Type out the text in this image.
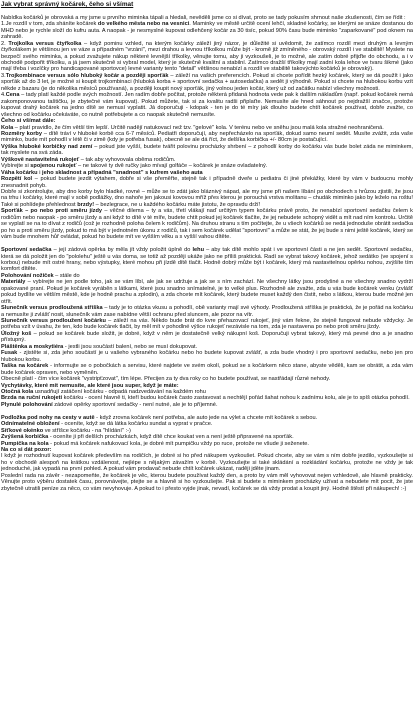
Jak vybrat správný kočárek, čeho si všímat
Nabídka kočárků je obrovská a my jsme u prvního miminka tápali a hledali, nevěděli jsme co si dívat, proto se tady pokusím shrnout naše zkušenosti, čím se řídit :
1.Je rozdíl v tom, zda sháníte kočárek do velkého města nebo na vesnici. Maminky ve městě určitě ocení lehčí, skladné kočárky, se kterými se snáze dostanou do MHD nebo je rychle složí do kufru auta. A naopak - je nesmyslné kupovat odlehčený kočár za 30 tisíc, pokud 90% času bude miminko "zaparkované" pod oknem na zahradě.
2. Trojkolka versus čtyřkolka – když pominu vzhled, na kterým kočárky záleží jiný názor, je důležité si uvědomit, že zatímco rozdíl mezi druhým a levným čtyřkolákem je většinou jen ve váze a případném "vrzání", mezi drahou a levnou tříkolkou může být - kromě již zmíněného - obrovský rozdíl i ve stabilitě! Myslete na bezpečí svého miminka, a pokud zvažujete nákup některé levnější tříkolky, věnujte tomu, aby ji vyzkoušeli, je to možné, ale zatím dobré přijďte do obchodu, a i v obchodě podpořit tříkolku, a já jsem skutečně si vybral model, který je skutečně kvalitní a stabilní. Zatímco dražší tříkolky mají zadní kola lehce ve tvaru šikmé (jako mají třeba i vozíčky pro handicapované sportovce) levné varianty tento "detail" většinou nenabízí a rozdíl ve stabilitě takovýchto kočárků je obrovský).
3.Trojkombinace versus sólo hluboký kočár a později sporťák – záleží na vašich preferencích. Pokud si chcete pořídit hezký kočárek, který se dá použít i jako sporťák až do 3 let, je možné si koupit trojkombinaci (hluboká korba + sportovní sedačka + autosedačka) a sedět ji výhodně. Pokud si chcete na hlubokou korbu vzít někde z bazaru (je do několika měsíců používaná), a později koupit nový sporťák, jiný volnou jeden kočár, který už od začátku nabízí všechny možnosti.
4.Cena – tady platí každé podle svých možností. Jen radím dobře počítat, protože některá přidaná hodnota vede pak k dalším nákladům (např. pokud kočárek nemá zakomponovanou taštičku, je zbytečné vám kupovat). Pokud můžete, tak si za kvalitu radši připlaťte. Nemusíte ale hned sáhnout po nejdražší značce, protože kupovat drahý kočárek na jedno dítě se nemusí vyplatit. Já doporučuji - kdopak - ten je do té míry jak dlouho budete chtít kočárek používat, dobře zvažte, co všechno od kočárku očekáváte, co nutně potřebujete a co naopak skutečně nemusíte.
Čeho si všímat dále:
Kola – platí pravidlo, že čím větší tím lepší. Určitě nadějí natukovací než tzv. "gelové" kola. V terénu nebo ve sněhu jsou malá kola stražné neohraničená.
Rozměry korby – dítě tráví v hluboké korbě cca 6-7 měsíců. Pediatři doporučují, aby nepřecházelo na sporťák, dokud samo neumí sedět. Musíte zvážit, zda vaše miminko, bude mít pohodlí v létě či v zimě (kdy je potřeba fusak), obecně se ale dá říct, že delšíka korbička +/- 80cm je postačující.
Výška hluboké korbičky nad zemí – pokud jste vyšší, budete tvářit polovinu procházky shrbení – z pohodlí korby do kočárku vás bude bolet záda ne miminkem, tak myslete na svá záda.
Výškově nastavitelná rukojeť – tak aby vyhovovala oběma rodičům.
Vybírejte si spojenou rukojeť – ne takové ty dvě ručky jako mívají golfáče – kočárek je snáze ovladatelný.
Váha kočárku i jeho skladnost a případná "snadnost" s kufrem vašeho auta
Rozpětí kol – pokud budete jezdit výtahem, dobře si vše přeměřte, stejně tak i případně dveře u pediatra či jiné překážky, které by vám v budoucnu mohly znesnadnit pohyb.
Dobře si zkontrolujte, aby dno korby bylo hladké, rovné – může se to zdát jako bláznivý nápad, ale my jsme při našem líbání po obchodech s hrůzou zjistili, že jsou na trhu i kočárky, které mají v sobě podlážky, dno nahoře jen jakousi kovovou mříž přes kterou je porouchá vrstva molitanu – chudák miminko jako by leželo na roštu!
Také si pohlídejte přehlednost brzdy! – bezlegrace, ne u každého kočárku máte jistotu, že opravdu drží!
Sporťák – po nebo proti směru jízdy – věčné dilema – ty a vás, třetí vlákají naď určitým typem kočárku právě proto, že nenabízí sportovní sedačku čelem k rodičům nebo naopak - po směru jízdy a ani když to dítě v té míře, budete chtít pokud jej kočárek tlačíte, že jej nebudete schopný vidět a mít nad ním kontrolu. Určitě se vyplatí se na to dívat z rodičů (což je rozhodně poloha čelem k rodičům). Na druhou stranu s tím počítejte, že u všech kočárků se nedá jednoduše obrátit sedačka po ho a proti směru jízdy, pokud to má být v jednotném úkonu z rodičů, tak i sem kočárek udělat "sportovní" a může se stát, že jej bude s nimi ještě kočárek, který se vám bude mnohem hůř ovládat, pokud ho budete mít ve vyšším věku a s vyšší vahou dítěte.
Sportovní sedačka – její zádová opěrka by měla jít vždy položit úplně do lehu – aby tak dítě mohlo spát i ve sportovní části a ne jen sedět. Sportovní sedačku, která se dá položit jen do "pololehu" ještě u vás doma, se totiž až později ukáže jako ne příliš praktická. Radí se vybrat takový kočárek, jehož sedátko (ve spojení s korbou) nebude mít ostré hrany, nebo výstupky, které mohou při jízdě dítě tlačit. Hodně dobrý může být i kočárek, který má nastavitelnou opěrku nohou, zvýšíte tím komfort dítěte.
Polohování nožiček – stále do
Materiály – vybírejte ne jen podle toho, jak se vám líbí, ale jak se udržuje a jak se s ním zachází. Ne všechny látky jsou prodyšné a ne všechny snadno vydrží opakované praní. Pokud je kočárek vyráběn s látkami, které jsou snadno snímatelné, je to velké plus. Rozhodně ale zvažte, zda u vás bude kočárek venku (zvlášť pokud bydlíte ve větším městě, kde je hodně prachu a zplodin), a zda chcete mít kočárek, který budete muset každý den čistit, nebo s látkou, kterou bude možné jen otřít.
Slunečník versus prodloužená stříška – tady je to otázka vkusu a pohodlí, obě varianty mají své výhody. Prodloužená stříška je praktická, že je pořád na kočárku a nemusíte ji zvlášť nosit, slunečník vám zase nabídne větší ochranu před sluncem, ale pozor na vítr.
Slunečník versus prodloužení kočárku – záleží na vás. Někdo bude brát do kvre přehazovací rukojeť, jiný vám řekne, že stejně fungovat nebude vždycky. Je potřeba vzít v úvahu, že ten, kdo bude kočárek tlačit, by měl mít v pohodlné výšce rukojeť nezávisle na tom, zda je nastavena po nebo proti směru jízdy.
Úložný koš – pokud se kočárek bude složit, je dobré, když v něm je dostatečně velký nákupní koš. Doporučuji vybrat takový, který má pevné dno a je snadno přístupný.
Pláštěnka a moskytiéra - jestli jsou součástí balení, nebo se musí dokupovat.
Fusak - zjistěte si, zda jeho součástí je u vašeho vybraného kočárku nebo ho budete kupovat zvlášť, a zda bude vhodný i pro sportovní sedačku, nebo jen pro hlubokou korbu.
Taška na kočárek - informujte se o pobočkách a servisu, které najdete ve svém okolí, pokud se s kočárkem něco stane, abyste věděli, kam se obrátit, a zda vám bude kočárek opraven, nebo vyměněn.
Obecně platí - čím více kočárek "vystripťzovat", tím lépe. Přecijen za ty dva roky co ho budete používat, se nastřádají různé nehody.
Vychytávky, které mít nemusíte, ale které jsou super, když je máte:
Otočná kola usnadňují zatáčení kočárku - odpadá nadzvedávání na každém rohu
Brzda na ruční rukojeti kočárku - ocení hlavně ti, kteří budou kočárek často zastavovat a nechtějí pořád šahat nohou k zadnímu kolu, ale je to spíš otázka pohodlí.
Plynulé polohování zádové opěrky sportovní sedačky - není nutné, ale je to příjemné.
Podložka pod nohy na cesty v autě - když zrovna kočárek není potřeba, ale auto jede na výlet a chcete mít kočárek s sebou.
Odnímatelné obložení - oceníte, když se dá látka kočárku sundat a vyprat v pračce.
Síťkové okénko ve stříšce kočárku - na "hlídání" :-)
Zvýšená korbička - oceníte ji při delších procházkách, když dítě chce koukat ven a není ještě připravené na sporťák.
Pumpička na kola - pokud má kočárek nafukovací kola, je dobré mít pumpičku vždy po ruce, protože ne všude ji seženete.
Na co si dát pozor:
I když je rozhodnutí kupovat kočárek především na rodičích, je dobré si ho před nákupem vyzkoušet. Pokud chcete, aby se vám s ním dobře jezdilo, vyzkoušejte si ho v obchodě alespoň na krátkou vzdálenost, nejlépe s nějakým závažím v korbě. Vyzkoušejte si také skládání a rozkládání kočárku, protože ne vždy je tak jednoduché, jak vypadá na první pohled. A pokud vám prodavač nebude chtít kočárek ukázat, raději jděte jinam.
Poslední rada na závěr - nezapomeňte, že kočárek je věc, kterou budete používat každý den, a proto by vám měl vyhovovat nejen vzhledově, ale hlavně prakticky. Věnujte proto výběru dostatek času, porovnávejte, ptejte se a hlavně si ho vyzkoušejte. Pak si budete s miminkem procházky užívat a nebudete mít pocit, že jste zbytečně utratili peníze za něco, co vám nevyhovuje. A pokud to i přesto vyjde jinak, nevadí, kočárek se dá vždy prodat a koupit jiný. Hodně štěstí při nákupech! :-)
